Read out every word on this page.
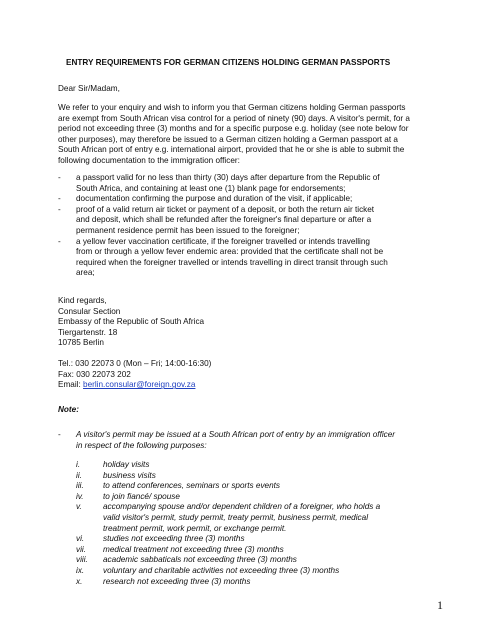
ENTRY REQUIREMENTS FOR GERMAN CITIZENS HOLDING GERMAN PASSPORTS
Dear Sir/Madam,
We refer to your enquiry and wish to inform you that German citizens holding German passports
are exempt from South African visa control for a period of ninety (90) days. A visitor's permit, for a
period not exceeding three (3) months and for a specific purpose e.g. holiday (see note below for
other purposes), may therefore be issued to a German citizen holding a German passport at a
South African port of entry e.g. international airport, provided that he or she is able to submit the
following documentation to the immigration officer:
- a passport valid for no less than thirty (30) days after departure from the Republic of
South Africa, and containing at least one (1) blank page for endorsements;
- documentation confirming the purpose and duration of the visit, if applicable;
- proof of a valid return air ticket or payment of a deposit, or both the return air ticket
and deposit, which shall be refunded after the foreigner's final departure or after a
permanent residence permit has been issued to the foreigner;
- a yellow fever vaccination certificate, if the foreigner travelled or intends travelling
from or through a yellow fever endemic area: provided that the certificate shall not be
required when the foreigner travelled or intends travelling in direct transit through such
area;
Kind regards,
Consular Section
Embassy of the Republic of South Africa
Tiergartenstr. 18
10785 Berlin
Tel.: 030 22073 0 (Mon – Fri; 14:00-16:30)
Fax: 030 22073 202
Email: berlin.consular@foreign.gov.za
Note:
- A visitor's permit may be issued at a South African port of entry by an immigration officer
in respect of the following purposes:
i.	holiday visits
ii.	business visits
iii. to attend conferences, seminars or sports events
iv. to join fiancé/ spouse
v.	accompanying spouse and/or dependent children of a foreigner, who holds a
valid visitor's permit, study permit, treaty permit, business permit, medical
treatment permit, work permit, or exchange permit.
vi. studies not exceeding three (3) months
vii. medical treatment not exceeding three (3) months
viii. academic sabbaticals not exceeding three (3) months
ix. voluntary and charitable activities not exceeding three (3) months
x.	research not exceeding three (3) months
1
